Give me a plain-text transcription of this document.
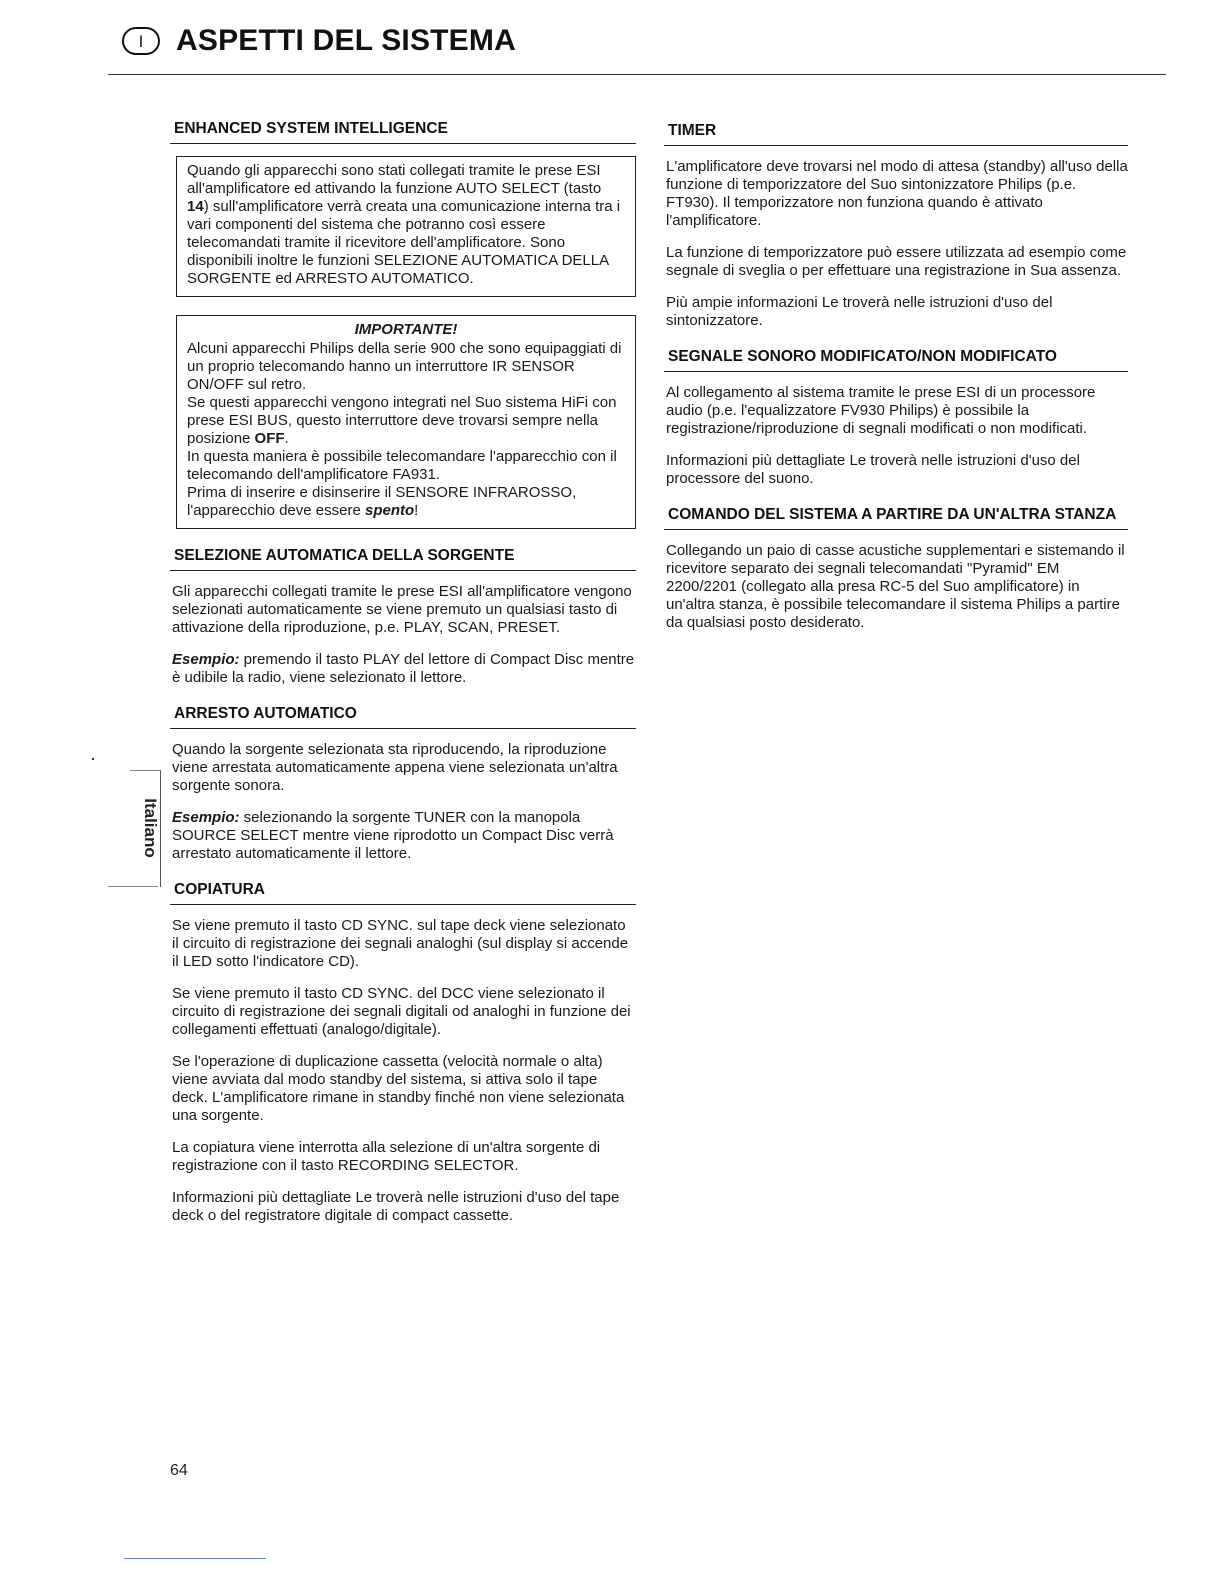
I	ASPETTI DEL SISTEMA
ENHANCED SYSTEM INTELLIGENCE

Quando gli apparecchi sono stati collegati tramite le prese ESI all'amplificatore ed attivando la funzione AUTO SELECT (tasto 14) sull'amplificatore verrà creata una comunicazione interna tra i vari componenti del sistema che potranno così essere telecomandati tramite il ricevitore dell'amplificatore. Sono disponibili inoltre le funzioni SELEZIONE AUTOMATICA DELLA SORGENTE ed ARRESTO AUTOMATICO.

IMPORTANTE!

Alcuni apparecchi Philips della serie 900 che sono equipaggiati di un proprio telecomando hanno un interruttore IR SENSOR ON/OFF sul retro.

Se questi apparecchi vengono integrati nel Suo sistema HiFi con prese ESI BUS, questo interruttore deve trovarsi sempre nella posizione OFF.

In questa maniera è possibile telecomandare l'apparecchio con il telecomando dell'amplificatore FA931.

Prima di inserire e disinserire il SENSORE INFRAROSSO, l'apparecchio deve essere spento!

SELEZIONE AUTOMATICA DELLA SORGENTE

Gli apparecchi collegati tramite le prese ESI all'amplificatore vengono selezionati automaticamente se viene premuto un qualsiasi tasto di attivazione della riproduzione, p.e. PLAY, SCAN, PRESET.

Esempio: premendo il tasto PLAY del lettore di Compact Disc mentre è udibile la radio, viene selezionato il lettore.

ARRESTO AUTOMATICO

Quando la sorgente selezionata sta riproducendo, la riproduzione viene arrestata automaticamente appena viene selezionata un'altra sorgente sonora.

Esempio: selezionando la sorgente TUNER con la manopola SOURCE SELECT mentre viene riprodotto un Compact Disc verrà arrestato automaticamente il lettore.

COPIATURA

Se viene premuto il tasto CD SYNC. sul tape deck viene selezionato il circuito di registrazione dei segnali analoghi (sul display si accende il LED sotto l'indicatore CD).

Se viene premuto il tasto CD SYNC. del DCC viene selezionato il circuito di registrazione dei segnali digitali od analoghi in funzione dei collegamenti effettuati (analogo/digitale).

Se l'operazione di duplicazione cassetta (velocità normale o alta) viene avviata dal modo standby del sistema, si attiva solo il tape deck. L'amplificatore rimane in standby finché non viene selezionata una sorgente.

La copiatura viene interrotta alla selezione di un'altra sorgente di registrazione con il tasto RECORDING SELECTOR.

Informazioni più dettagliate Le troverà nelle istruzioni d'uso del tape deck o del registratore digitale di compact cassette.

TIMER

L'amplificatore deve trovarsi nel modo di attesa (standby) all'uso della funzione di temporizzatore del Suo sintonizzatore Philips (p.e. FT930). Il temporizzatore non funziona quando è attivato l'amplificatore.

La funzione di temporizzatore può essere utilizzata ad esempio come segnale di sveglia o per effettuare una registrazione in Sua assenza.

Più ampie informazioni Le troverà nelle istruzioni d'uso del sintonizzatore.

SEGNALE SONORO MODIFICATO/NON MODIFICATO

Al collegamento al sistema tramite le prese ESI di un processore audio (p.e. l'equalizzatore FV930 Philips) è possibile la registrazione/riproduzione di segnali modificati o non modificati.

Informazioni più dettagliate Le troverà nelle istruzioni d'uso del processore del suono.

COMANDO DEL SISTEMA A PARTIRE DA UN'ALTRA STANZA

Collegando un paio di casse acustiche supplementari e sistemando il ricevitore separato dei segnali telecomandati "Pyramid" EM 2200/2201 (collegato alla presa RC-5 del Suo amplificatore) in un'altra stanza, è possibile telecomandare il sistema Philips a partire da qualsiasi posto desiderato.

Italiano
64
